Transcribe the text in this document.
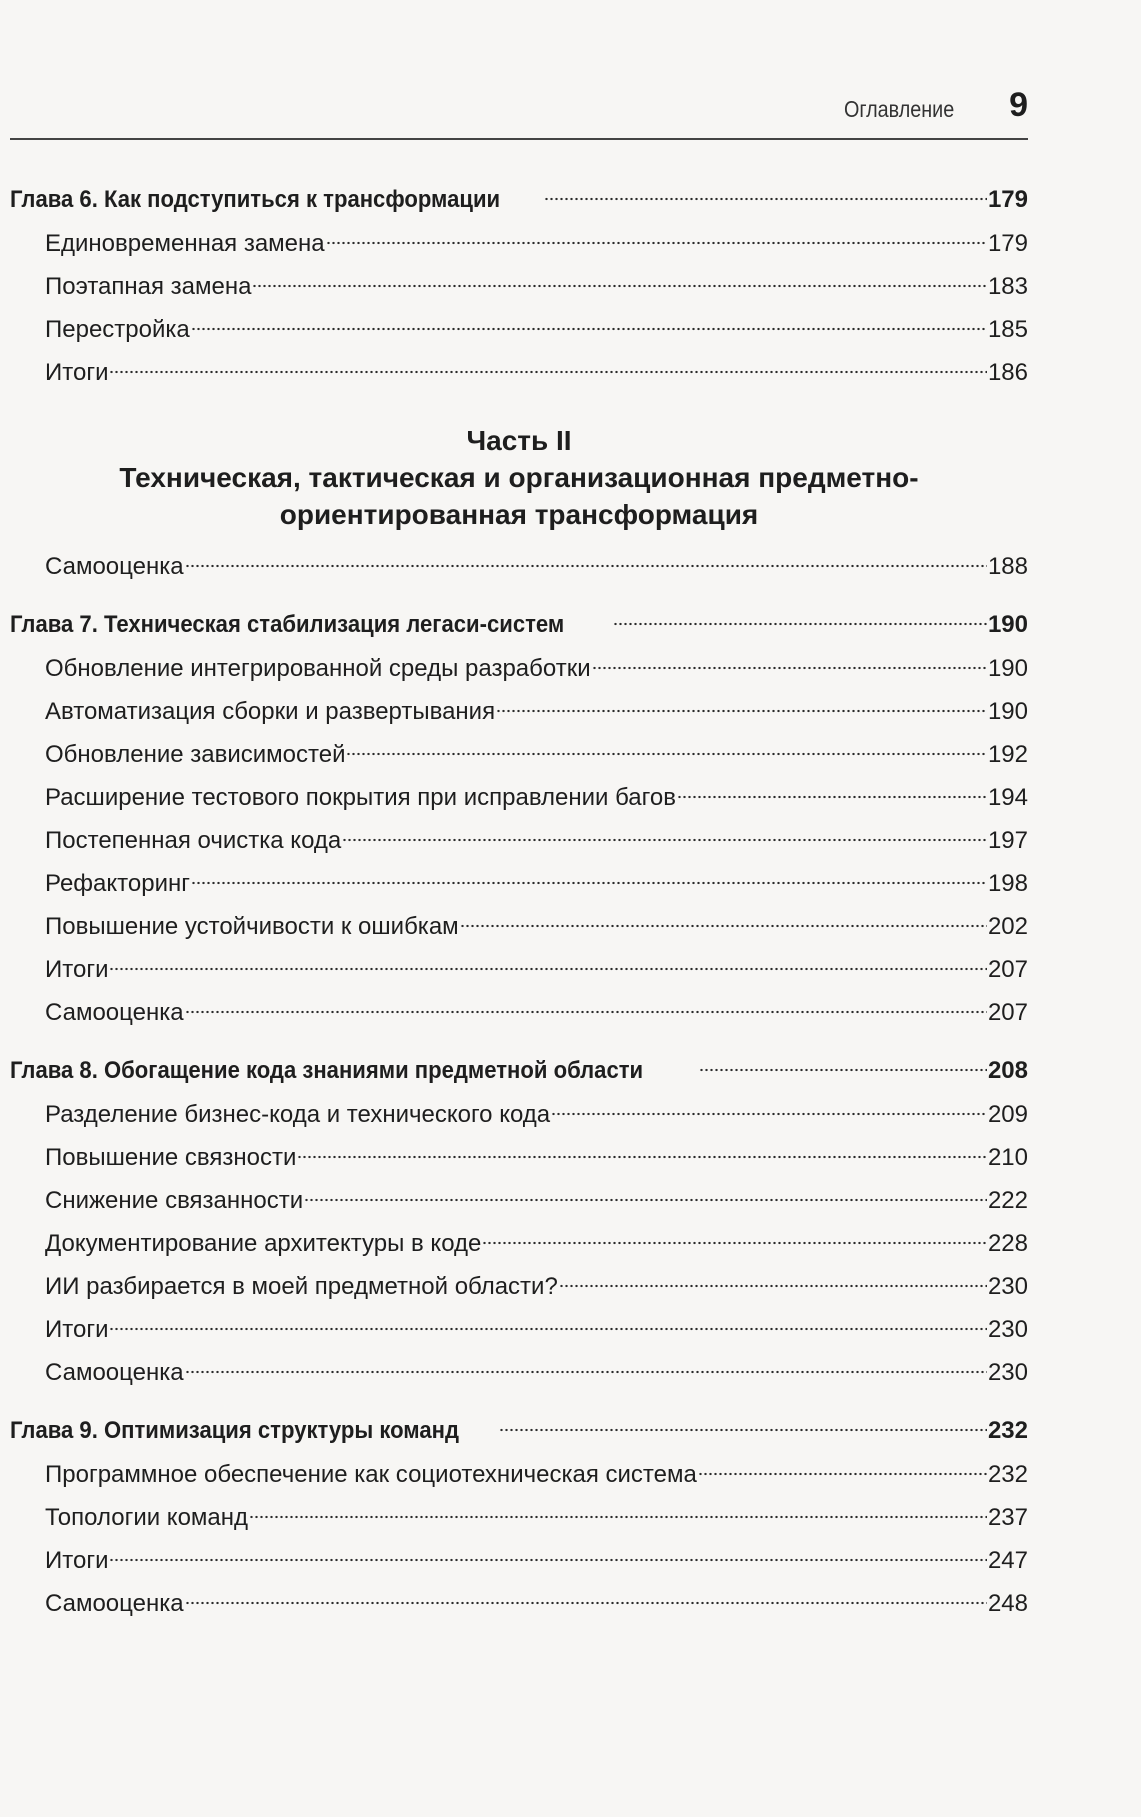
Оглавление 9
Глава 6. Как подступиться к трансформации	179
Единовременная замена	179
Поэтапная замена	183
Перестройка	185
Итоги	186
Часть II
Техническая, тактическая и организационная предметно-
ориентированная трансформация
Самооценка	188
Глава 7. Техническая стабилизация легаси-систем	190
Обновление интегрированной среды разработки	190
Автоматизация сборки и развертывания	190
Обновление зависимостей	192
Расширение тестового покрытия при исправлении багов	194
Постепенная очистка кода	197
Рефакторинг	198
Повышение устойчивости к ошибкам	202
Итоги	207
Самооценка	207
Глава 8. Обогащение кода знаниями предметной области	208
Разделение бизнес-кода и технического кода	209
Повышение связности	210
Снижение связанности	222
Документирование архитектуры в коде	228
ИИ разбирается в моей предметной области?	230
Итоги	230
Самооценка	230
Глава 9. Оптимизация структуры команд	232
Программное обеспечение как социотехническая система	232
Топологии команд	237
Итоги	247
Самооценка	248
